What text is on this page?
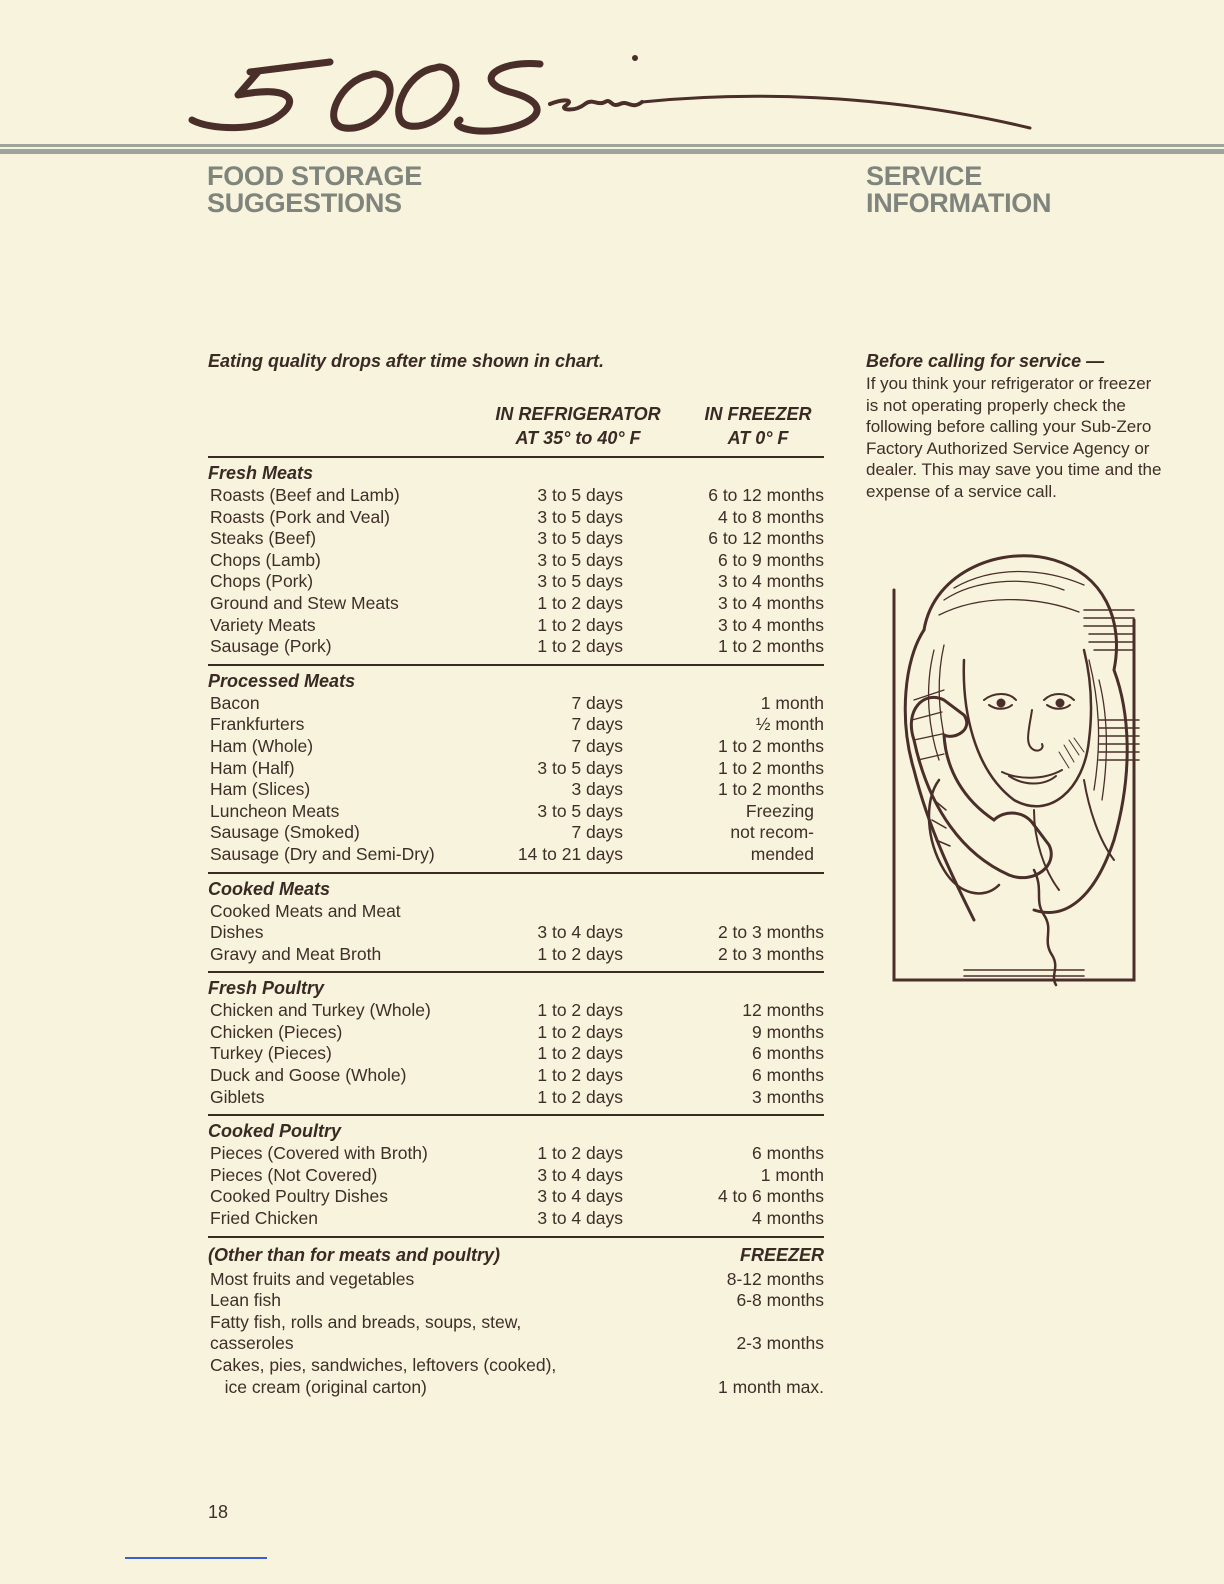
FOOD STORAGE
SUGGESTIONS
SERVICE
INFORMATION

Eating quality drops after time shown in chart.

IN REFRIGERATOR
AT 35° to 40° F
IN FREEZER
AT 0° F
Fresh Meats
Roasts (Beef and Lamb)	3 to 5 days	6 to 12 months
Roasts (Pork and Veal)	3 to 5 days	4 to 8 months
Steaks (Beef)	3 to 5 days	6 to 12 months
Chops (Lamb)	3 to 5 days	6 to 9 months
Chops (Pork)	3 to 5 days	3 to 4 months
Ground and Stew Meats	1 to 2 days	3 to 4 months
Variety Meats	1 to 2 days	3 to 4 months
Sausage (Pork)	1 to 2 days	1 to 2 months
Processed Meats
Bacon	7 days	1 month
Frankfurters	7 days	½ month
Ham (Whole)	7 days	1 to 2 months
Ham (Half)	3 to 5 days	1 to 2 months
Ham (Slices)	3 days	1 to 2 months
Luncheon Meats	3 to 5 days	Freezing
Sausage (Smoked)	7 days	not recom-
Sausage (Dry and Semi-Dry)	14 to 21 days	mended
Cooked Meats
Cooked Meats and Meat
Dishes	3 to 4 days	2 to 3 months
Gravy and Meat Broth	1 to 2 days	2 to 3 months
Fresh Poultry
Chicken and Turkey (Whole)	1 to 2 days	12 months
Chicken (Pieces)	1 to 2 days	9 months
Turkey (Pieces)	1 to 2 days	6 months
Duck and Goose (Whole)	1 to 2 days	6 months
Giblets	1 to 2 days	3 months
Cooked Poultry
Pieces (Covered with Broth)	1 to 2 days	6 months
Pieces (Not Covered)	3 to 4 days	1 month
Cooked Poultry Dishes	3 to 4 days	4 to 6 months
Fried Chicken	3 to 4 days	4 months
(Other than for meats and poultry)	FREEZER
Most fruits and vegetables	8-12 months
Lean fish	6-8 months
Fatty fish, rolls and breads, soups, stew,
casseroles	2-3 months
Cakes, pies, sandwiches, leftovers (cooked),
ice cream (original carton)	1 month max.

Before calling for service —

If you think your refrigerator or freezer is not operating properly check the following before calling your Sub-Zero Factory Authorized Service Agency or dealer. This may save you time and the expense of a service call.

18
